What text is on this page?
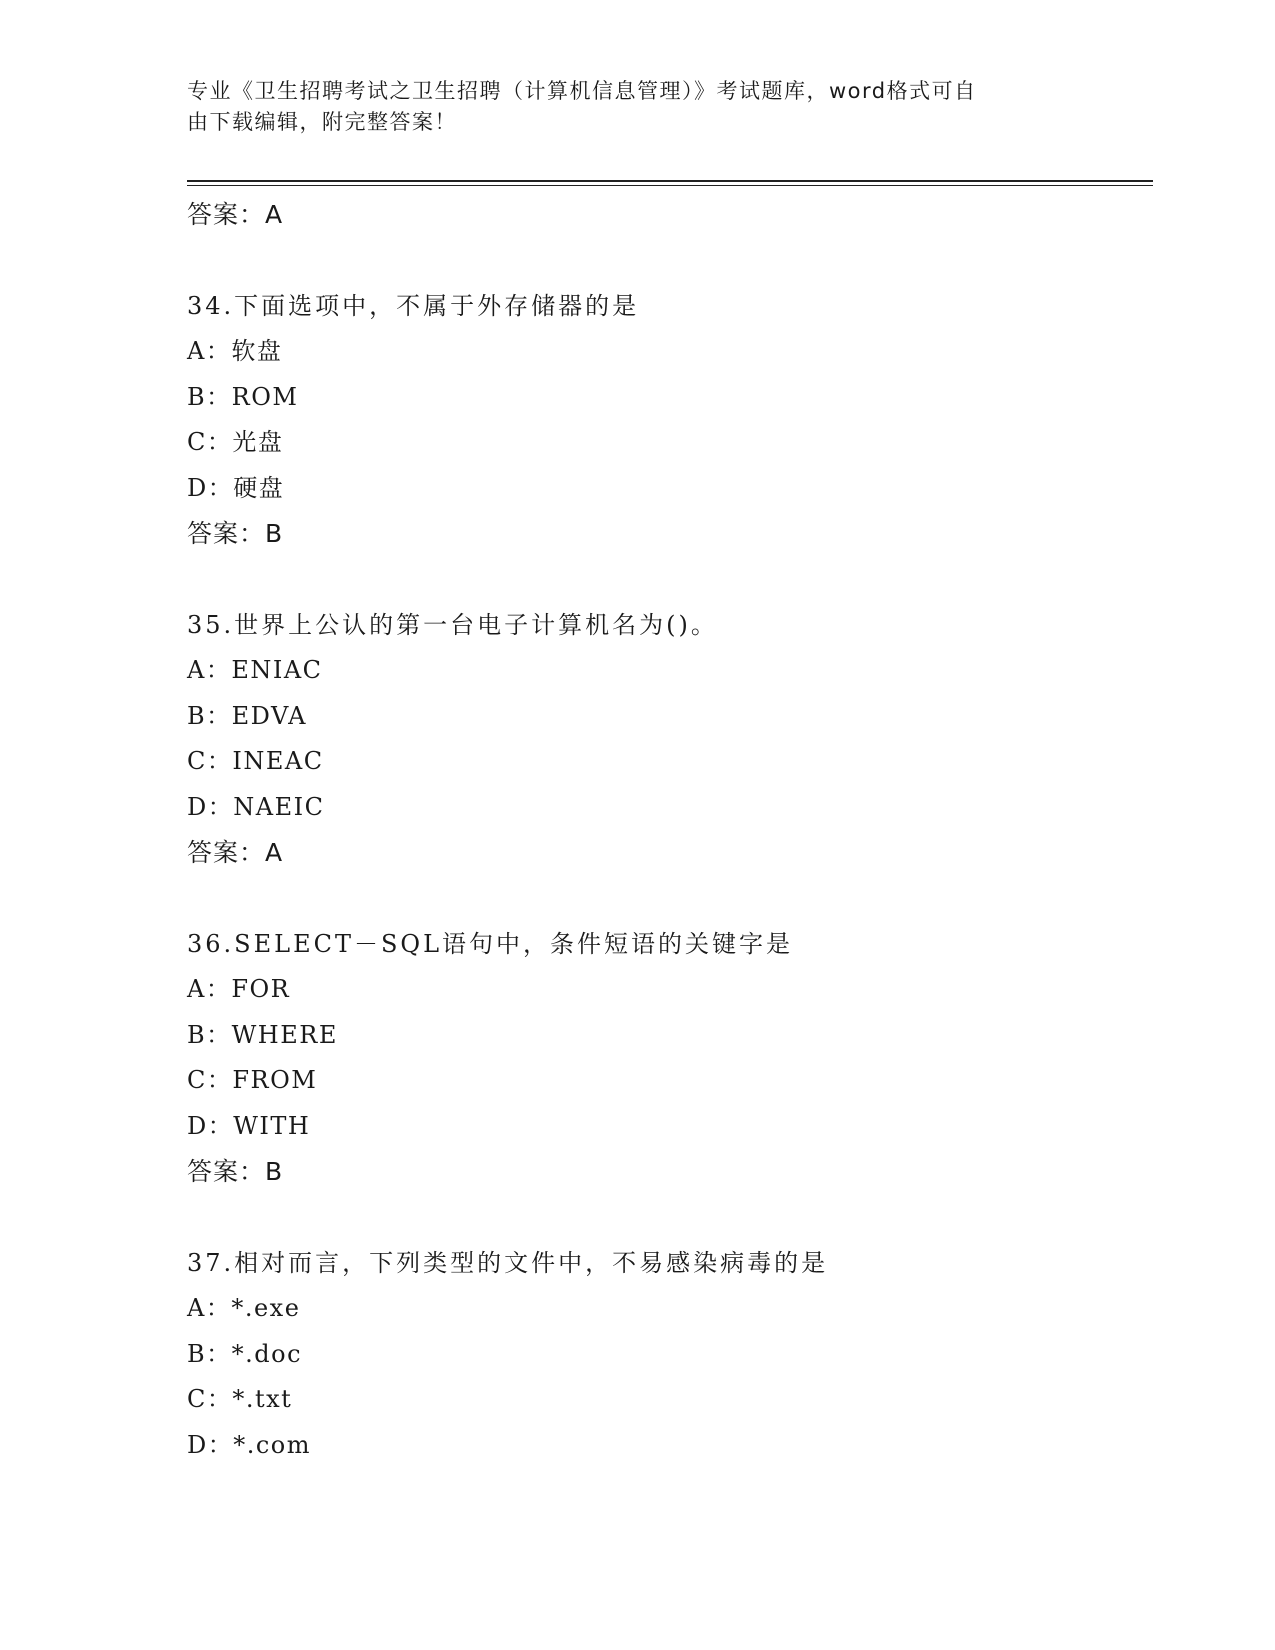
专业《卫生招聘考试之卫生招聘（计算机信息管理）》考试题库，word格式可自
由下载编辑，附完整答案！
答案：A
34.下面选项中，不属于外存储器的是
A：软盘
B：ROM
C：光盘
D：硬盘
答案：B
35.世界上公认的第一台电子计算机名为()。
A：ENIAC
B：EDVA
C：INEAC
D：NAEIC
答案：A
36.SELECT－SQL语句中，条件短语的关键字是
A：FOR
B：WHERE
C：FROM
D：WITH
答案：B
37.相对而言，下列类型的文件中，不易感染病毒的是
A：*.exe
B：*.doc
C：*.txt
D：*.com
